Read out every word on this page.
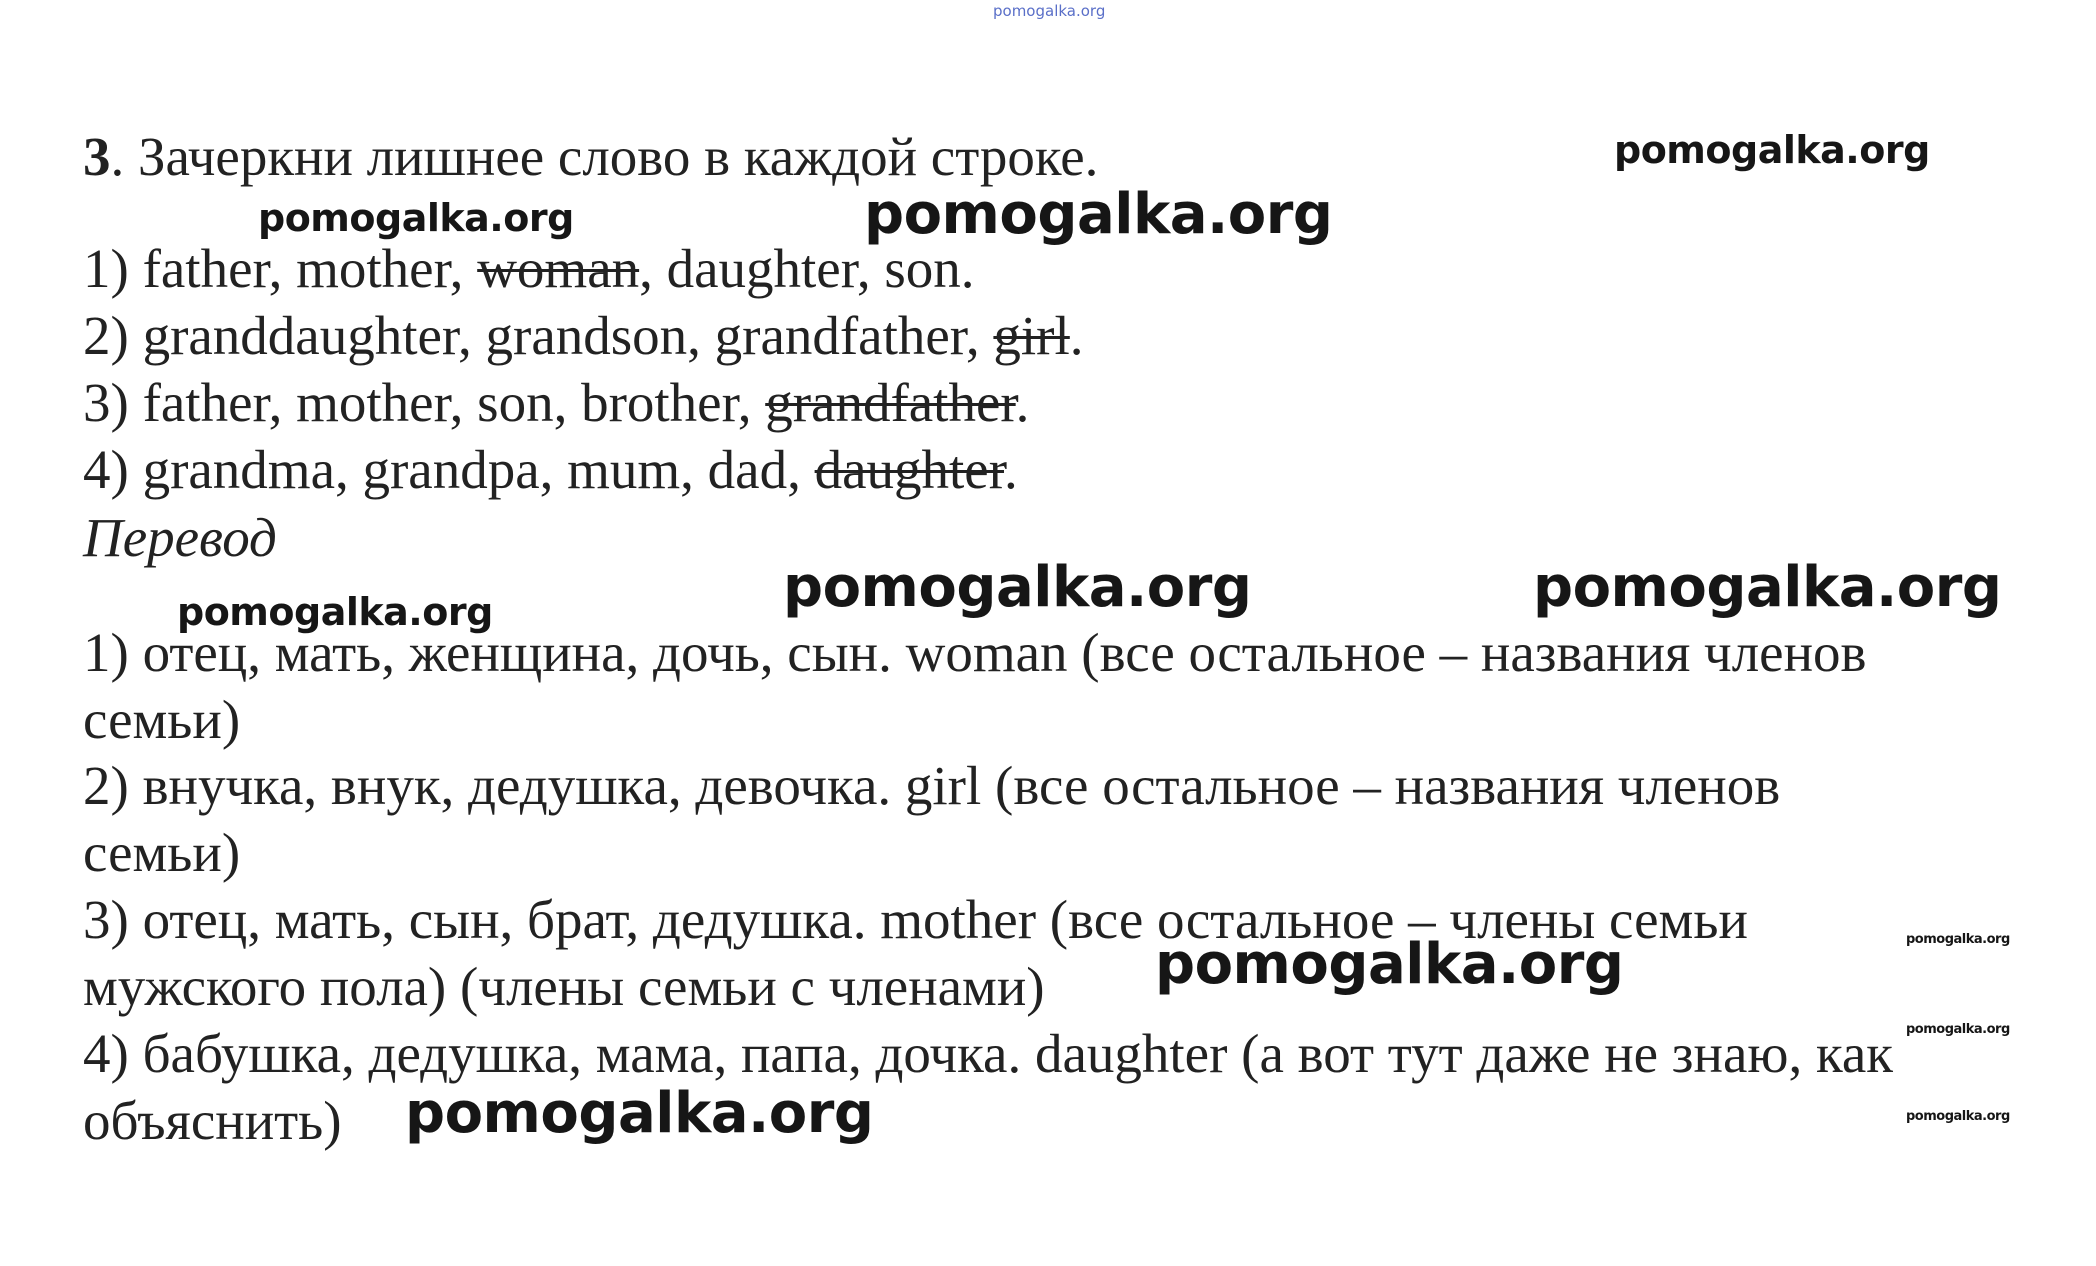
pomogalka.org
3. Зачеркни лишнее слово в каждой строке.
1) father, mother, woman, daughter, son.
2) granddaughter, grandson, grandfather, girl.
3) father, mother, son, brother, grandfather.
4) grandma, grandpa, mum, dad, daughter.
Перевод
1) отец, мать, женщина, дочь, сын. woman (все остальное – названия членов
семьи)
2) внучка, внук, дедушка, девочка. girl (все остальное – названия членов
семьи)
3) отец, мать, сын, брат, дедушка. mother (все остальное – члены семьи
мужского пола) (члены семьи с членами)
4) бабушка, дедушка, мама, папа, дочка. daughter (а вот тут даже не знаю, как
объяснить)
pomogalka.org
pomogalka.org	pomogalka.org
pomogalka.org	pomogalka.org
pomogalka.org
pomogalka.org
pomogalka.org
pomogalka.org
pomogalka.org
pomogalka.org
